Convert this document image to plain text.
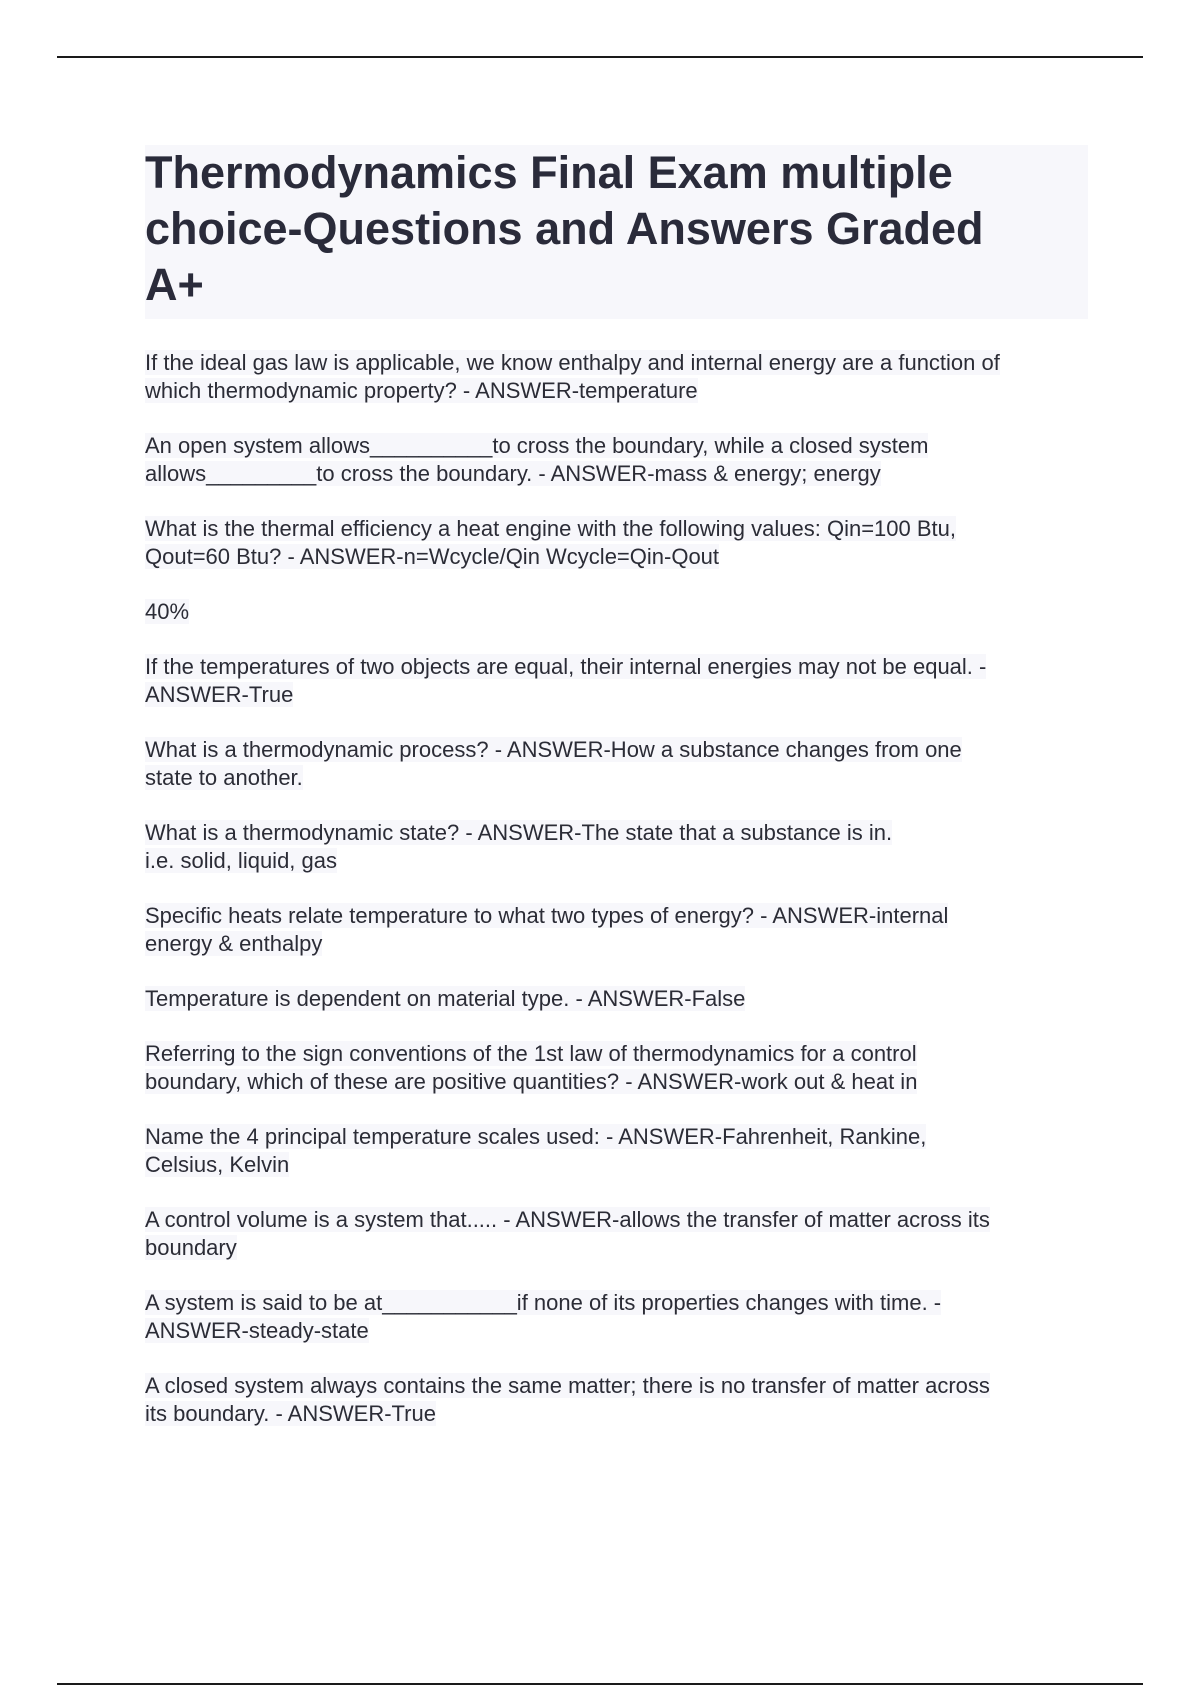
Thermodynamics Final Exam multiple
choice-Questions and Answers Graded
A+

If the ideal gas law is applicable, we know enthalpy and internal energy are a function of
which thermodynamic property? - ANSWER-temperature

An open system allows__________to cross the boundary, while a closed system
allows_________to cross the boundary. - ANSWER-mass & energy; energy

What is the thermal efficiency a heat engine with the following values: Qin=100 Btu,
Qout=60 Btu? - ANSWER-n=Wcycle/Qin Wcycle=Qin-Qout

40%

If the temperatures of two objects are equal, their internal energies may not be equal. -
ANSWER-True

What is a thermodynamic process? - ANSWER-How a substance changes from one
state to another.

What is a thermodynamic state? - ANSWER-The state that a substance is in.
i.e. solid, liquid, gas

Specific heats relate temperature to what two types of energy? - ANSWER-internal
energy & enthalpy

Temperature is dependent on material type. - ANSWER-False

Referring to the sign conventions of the 1st law of thermodynamics for a control
boundary, which of these are positive quantities? - ANSWER-work out & heat in

Name the 4 principal temperature scales used: - ANSWER-Fahrenheit, Rankine,
Celsius, Kelvin

A control volume is a system that..... - ANSWER-allows the transfer of matter across its
boundary

A system is said to be at___________if none of its properties changes with time. -
ANSWER-steady-state

A closed system always contains the same matter; there is no transfer of matter across
its boundary. - ANSWER-True
